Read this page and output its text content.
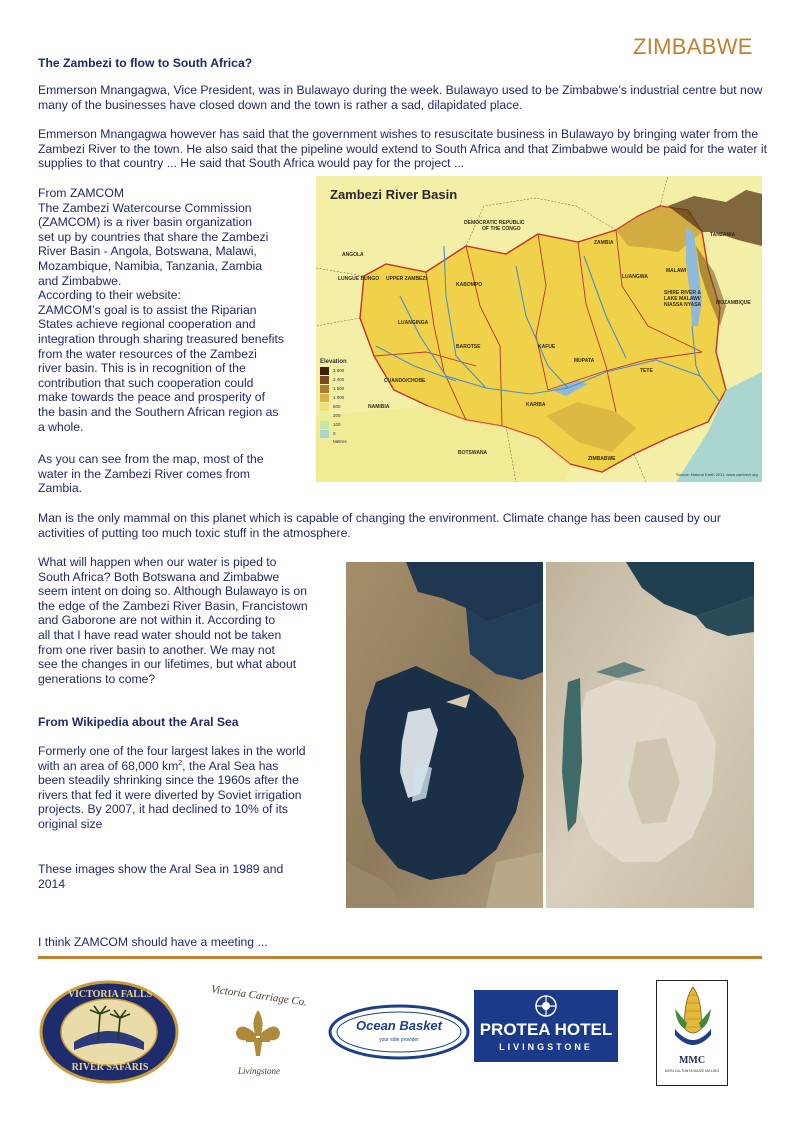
ZIMBABWE
The Zambezi to flow to South Africa?

Emmerson Mnangagwa, Vice President, was in Bulawayo during the week. Bulawayo used to be Zimbabwe’s industrial centre but now many of the businesses have closed down and the town is rather a sad, dilapidated place.

Emmerson Mnangagwa however has said that the government wishes to resuscitate business in Bulawayo by bringing water from the Zambezi River to the town. He also said that the pipeline would extend to South Africa and that Zimbabwe would be paid for the water it supplies to that country ... He said that South Africa would pay for the project ...

From ZAMCOM
The Zambezi Watercourse Commission
(ZAMCOM) is a river basin organization
set up by countries that share the Zambezi
River Basin - Angola, Botswana, Malawi,
Mozambique, Namibia, Tanzania, Zambia
and Zimbabwe.
According to their website:
ZAMCOM’s goal is to assist the Riparian
States achieve regional cooperation and
integration through sharing treasured benefits
from the water resources of the Zambezi
river basin. This is in recognition of the
contribution that such cooperation could
make towards the peace and prosperity of
the basin and the Southern African region as
a whole.
As you can see from the map, most of the
water in the Zambezi River comes from
Zambia.
Zambezi River Basin
DEMOCRATIC REPUBLIC
OF THE CONGO
TANZANIA
ANGOLA
ZAMBIA
MALAWI
LUNGUE BUNGO UPPER ZAMBEZI
KABOMPO
LUANGWA
LUANGINGA
BAROTSE	KAFUE
MUPATA
TETE
CUANDO/CHOBE
NAMIBIA	KARIBA
MOZAMBIQUE
SHIRE RIVER &
LAKE MALAWI/
NIASSA NYASA
BOTSWANA
ZIMBABWE
Elevation
3 000
2 400
1 500
1 000
500
200
100
0
Metres
Source: Natural Earth 2011, www.zambezi.org

Man is the only mammal on this planet which is capable of changing the environment. Climate change has been caused by our activities of putting too much toxic stuff in the atmosphere.

What will happen when our water is piped to
South Africa? Both Botswana and Zimbabwe
seem intent on doing so. Although Bulawayo is on
the edge of the Zambezi River Basin, Francistown
and Gaborone are not within it. According to
all that I have read water should not be taken
from one river basin to another. We may not
see the changes in our lifetimes, but what about
generations to come?
From Wikipedia about the Aral Sea
Formerly one of the four largest lakes in the world
with an area of 68,000 $km^2$, the Aral Sea has
been steadily shrinking since the 1960s after the
rivers that fed it were diverted by Soviet irrigation
projects. By 2007, it had declined to 10% of its
original size
These images show the Aral Sea in 1989 and
2014
I think ZAMCOM should have a meeting ...
VICTORIA FALLS
RIVER SAFARIS
Victoria Carriage Co.
Livingstone
Ocean Basket
your side provider
PROTEA HOTEL
LIVINGSTONE
MMC
MOSI-OA-TUNYA MAIZE MILLING
